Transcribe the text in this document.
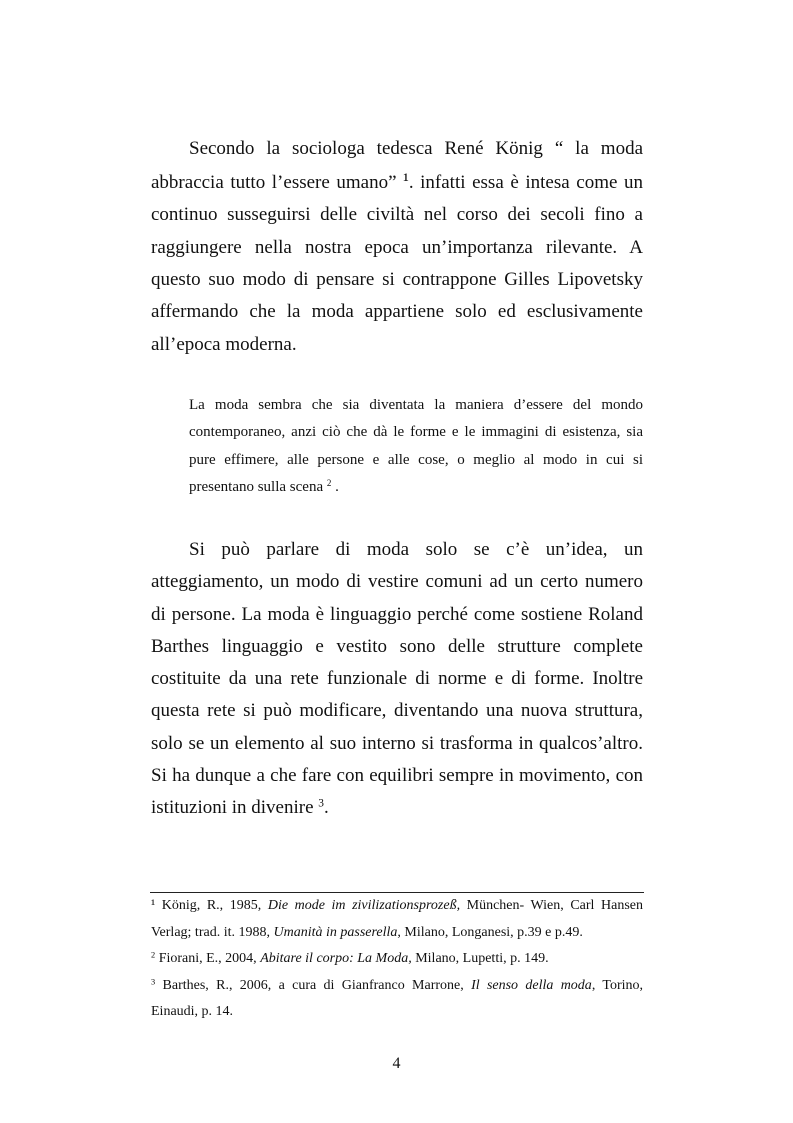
Secondo la sociologa tedesca René König “ la moda abbraccia tutto l’essere umano” ¹. infatti essa è intesa come un continuo susseguirsi delle civiltà nel corso dei secoli fino a raggiungere nella nostra epoca un’importanza rilevante. A questo suo modo di pensare si contrappone Gilles Lipovetsky affermando che la moda appartiene solo ed esclusivamente all’epoca moderna.

La moda sembra che sia diventata la maniera d’essere del mondo contemporaneo, anzi ciò che dà le forme e le immagini di esistenza, sia pure effimere, alle persone e alle cose, o meglio al modo in cui si presentano sulla scena $^2$ .

Si può parlare di moda solo se c’è un’idea, un atteggiamento, un modo di vestire comuni ad un certo numero di persone. La moda è linguaggio perché come sostiene Roland Barthes linguaggio e vestito sono delle strutture complete costituite da una rete funzionale di norme e di forme. Inoltre questa rete si può modificare, diventando una nuova struttura, solo se un elemento al suo interno si trasforma in qualcos’altro. Si ha dunque a che fare con equilibri sempre in movimento, con istituzioni in divenire $^3$.

¹ König, R., 1985, Die mode im zivilizationsprozeß, München- Wien, Carl Hansen Verlag; trad. it. 1988, Umanità in passerella, Milano, Longanesi, p.39 e p.49.

$^2$ Fiorani, E., 2004, Abitare il corpo: La Moda, Milano, Lupetti, p. 149.

$^3$ Barthes, R., 2006, a cura di Gianfranco Marrone, Il senso della moda, Torino, Einaudi, p. 14.

4
